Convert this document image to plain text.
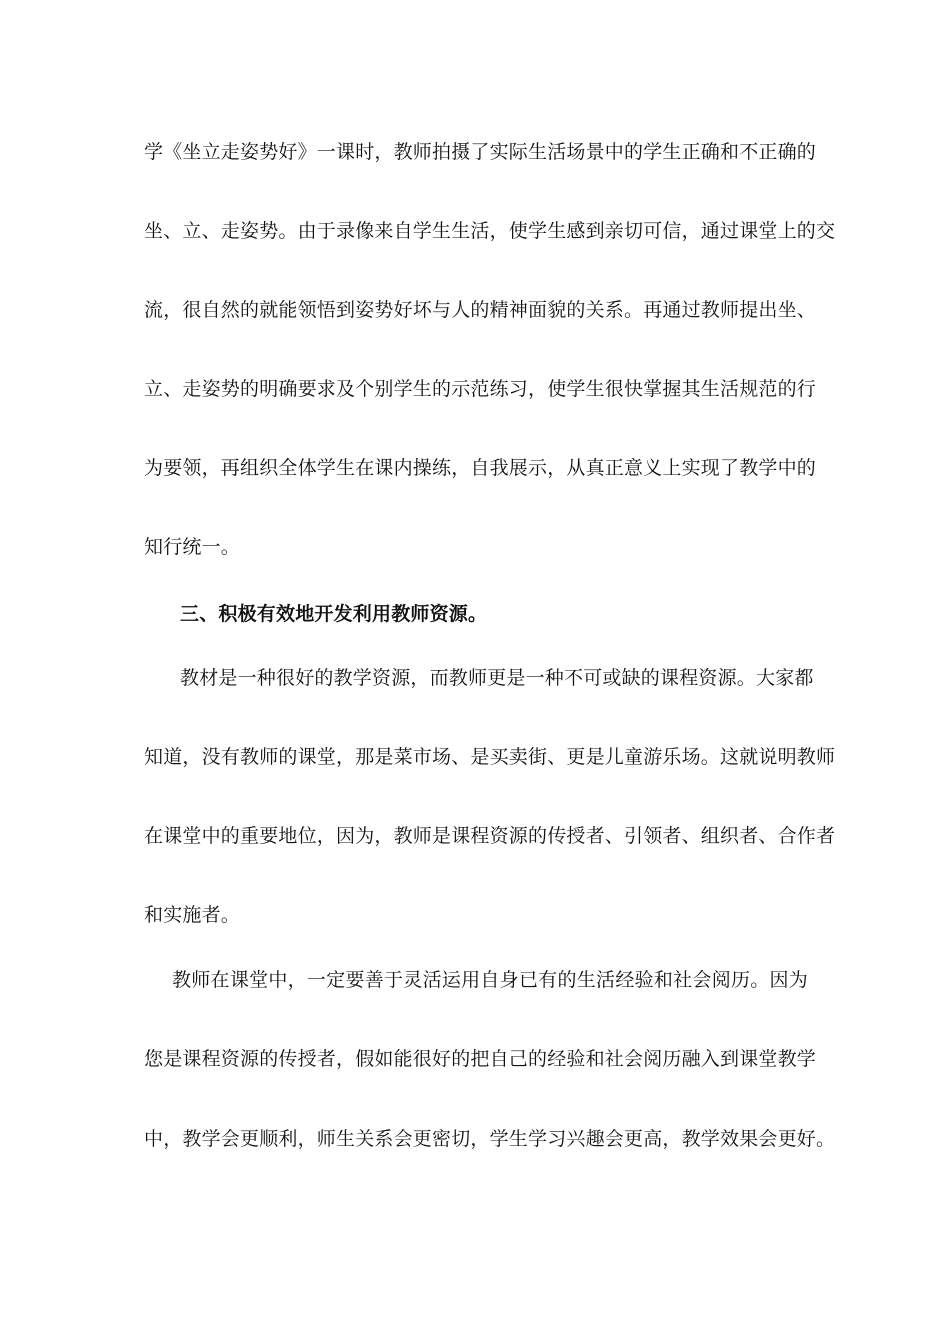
学《坐立走姿势好》一课时，教师拍摄了实际生活场景中的学生正确和不正确的
坐、立、走姿势。由于录像来自学生生活，使学生感到亲切可信，通过课堂上的交
流，很自然的就能领悟到姿势好坏与人的精神面貌的关系。再通过教师提出坐、
立、走姿势的明确要求及个别学生的示范练习，使学生很快掌握其生活规范的行
为要领，再组织全体学生在课内操练，自我展示，从真正意义上实现了教学中的
知行统一。
三、积极有效地开发利用教师资源。
教材是一种很好的教学资源，而教师更是一种不可或缺的课程资源。大家都
知道，没有教师的课堂，那是菜市场、是买卖街、更是儿童游乐场。这就说明教师
在课堂中的重要地位，因为，教师是课程资源的传授者、引领者、组织者、合作者
和实施者。
教师在课堂中，一定要善于灵活运用自身已有的生活经验和社会阅历。因为
您是课程资源的传授者，假如能很好的把自己的经验和社会阅历融入到课堂教学
中，教学会更顺利，师生关系会更密切，学生学习兴趣会更高，教学效果会更好。
